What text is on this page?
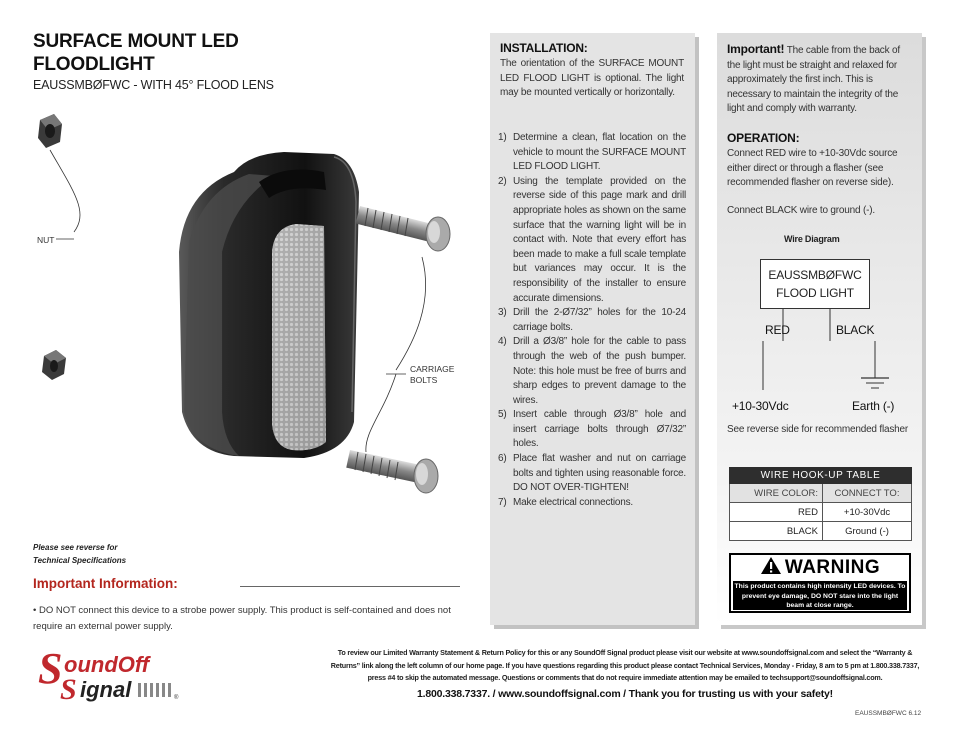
SURFACE MOUNT LED
FLOODLIGHT
EAUSSMBØFWC - WITH 45° FLOOD LENS
NUT
CARRIAGE
BOLTS
Please see reverse for
Technical Specifications
Important Information:
• DO NOT connect this device to a strobe power supply. This product is self-contained and does not require an external power supply.
INSTALLATION:
The orientation of the SURFACE MOUNT LED FLOOD LIGHT is optional. The light may be mounted vertically or horizontally.
1) Determine a clean, flat location on the vehicle to mount the SURFACE MOUNT LED FLOOD LIGHT.
2) Using the template provided on the reverse side of this page mark and drill appropriate holes as shown on the same surface that the warning light will be in contact with. Note that every effort has been made to make a full scale template but variances may occur. It is the responsibility of the installer to ensure accurate dimensions.
3) Drill the 2-Ø7/32” holes for the 10-24 carriage bolts.
4) Drill a Ø3/8” hole for the cable to pass through the web of the push bumper. Note: this hole must be free of burrs and sharp edges to prevent damage to the wires.
5) Insert cable through Ø3/8” hole and insert carriage bolts through Ø7/32” holes.
6) Place flat washer and nut on carriage bolts and tighten using reasonable force. DO NOT OVER-TIGHTEN!
7) Make electrical connections.
Important! The cable from the back of the light must be straight and relaxed for approximately the first inch. This is necessary to maintain the integrity of the light and comply with warranty.
OPERATION:
Connect RED wire to +10-30Vdc source either direct or through a flasher (see recommended flasher on reverse side).
Connect BLACK wire to ground (-).
Wire Diagram
EAUSSMBØFWC
FLOOD LIGHT
RED	BLACK
+10-30Vdc	Earth (-)
See reverse side for recommended flasher
WIRE HOOK-UP TABLE	
WIRE COLOR:	CONNECT TO:
RED	+10-30Vdc
BLACK	Ground (-)
WARNING
This product contains high intensity LED devices. To prevent eye damage, DO NOT stare into the light beam at close range.
S oundOff
S ignal	®
To review our Limited Warranty Statement & Return Policy for this or any SoundOff Signal product please visit our website at www.soundoffsignal.com and select the “Warranty & Returns” link along the left column of our home page. If you have questions regarding this product please contact Technical Services, Monday - Friday, 8 am to 5 pm at 1.800.338.7337, press #4 to skip the automated message. Questions or comments that do not require immediate attention may be emailed to techsupport@soundoffsignal.com.
1.800.338.7337. / www.soundoffsignal.com / Thank you for trusting us with your safety!
EAUSSMBØFWC 6.12
